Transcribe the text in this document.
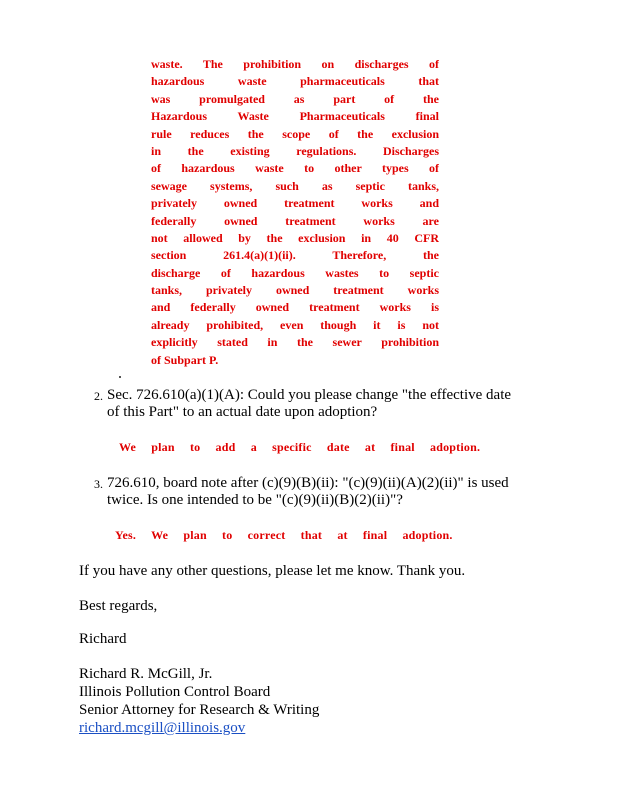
waste. The prohibition on discharges of
hazardous waste pharmaceuticals that
was promulgated as part of the
Hazardous Waste Pharmaceuticals final
rule reduces the scope of the exclusion
in the existing regulations. Discharges
of hazardous waste to other types of
sewage systems, such as septic tanks,
privately owned treatment works and
federally owned treatment works are
not allowed by the exclusion in 40 CFR
section 261.4(a)(1)(ii). Therefore, the
discharge of hazardous wastes to septic
tanks, privately owned treatment works
and federally owned treatment works is
already prohibited, even though it is not
explicitly stated in the sewer prohibition
of Subpart P.
2. Sec. 726.610(a)(1)(A): Could you please change "the effective date
of this Part" to an actual date upon adoption?
We plan to add a specific date at final adoption.
3. 726.610, board note after (c)(9)(B)(ii): "(c)(9)(ii)(A)(2)(ii)" is used
twice. Is one intended to be "(c)(9)(ii)(B)(2)(ii)"?
Yes. We plan to correct that at final adoption.
If you have any other questions, please let me know. Thank you.
Best regards,
Richard
Richard R. McGill, Jr.
Illinois Pollution Control Board
Senior Attorney for Research & Writing
richard.mcgill@illinois.gov
